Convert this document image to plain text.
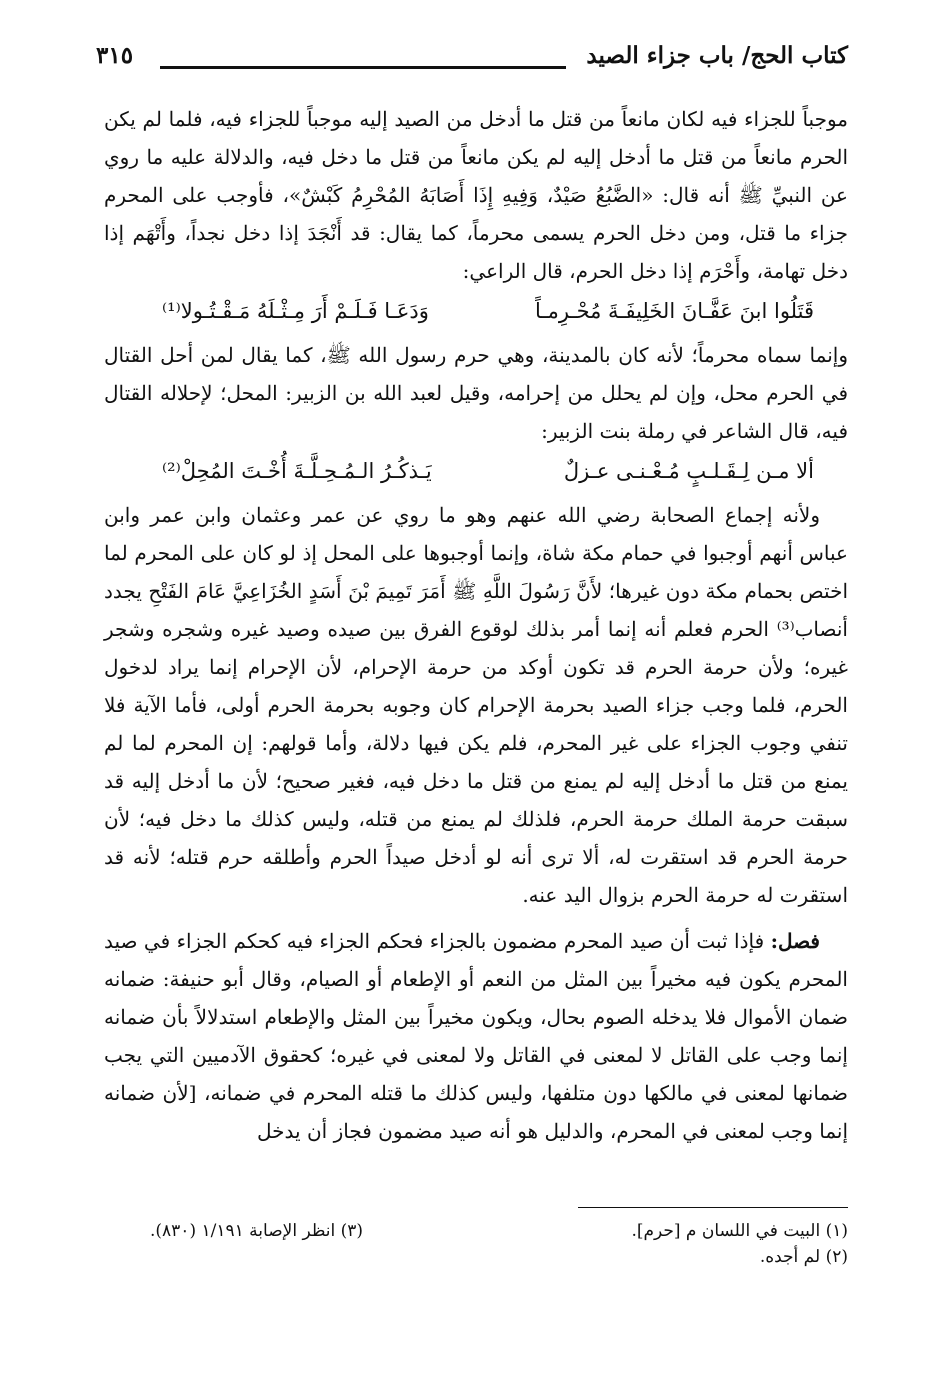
كتاب الحج/ باب جزاء الصيد
٣١٥

موجباً للجزاء فيه لكان مانعاً من قتل ما أدخل من الصيد إليه موجباً للجزاء فيه، فلما لم يكن الحرم مانعاً من قتل ما أدخل إليه لم يكن مانعاً من قتل ما دخل فيه، والدلالة عليه ما روي عن النبيِّ ﷺ أنه قال: «الضَّبُعُ صَيْدٌ، وَفِيهِ إِذَا أَصَابَهُ المُحْرِمُ كَبْشٌ»، فأوجب على المحرم جزاء ما قتل، ومن دخل الحرم يسمى محرماً، كما يقال: قد أَنْجَدَ إذا دخل نجداً، وأَتْهَم إذا دخل تهامة، وأَحْرَم إذا دخل الحرم، قال الراعي:

قَتَلُوا ابنَ عَفَّـانَ الخَلِيفَـةَ مُحْـرِمـاً
وَدَعَـا فَـلَـمْ أَرَ مِـثْـلَهُ مَـقْـتُـولا⁽¹⁾

وإنما سماه محرماً؛ لأنه كان بالمدينة، وهي حرم رسول الله ﷺ، كما يقال لمن أحل القتال في الحرم محل، وإن لم يحلل من إحرامه، وقيل لعبد الله بن الزبير: المحل؛ لإحلاله القتال فيه، قال الشاعر في رملة بنت الزبير:

ألا مـن لِـقَـلـبٍ مُـعْـنـى عـزلٌ
يَـذكُـرُ الـمُـحِـلَّـةَ أُخْـتَ المُحِلْ⁽²⁾

ولأنه إجماع الصحابة رضي الله عنهم وهو ما روي عن عمر وعثمان وابن عمر وابن عباس أنهم أوجبوا في حمام مكة شاة، وإنما أوجبوها على المحل إذ لو كان على المحرم لما اختص بحمام مكة دون غيرها؛ لأَنَّ رَسُولَ اللَّهِ ﷺ أَمَرَ تَمِيمَ بْنَ أَسَدٍ الخُزَاعِيَّ عَامَ الفَتْحِ يجدد أنصاب⁽³⁾ الحرم فعلم أنه إنما أمر بذلك لوقوع الفرق بين صيده وصيد غيره وشجره وشجر غيره؛ ولأن حرمة الحرم قد تكون أوكد من حرمة الإحرام، لأن الإحرام إنما يراد لدخول الحرم، فلما وجب جزاء الصيد بحرمة الإحرام كان وجوبه بحرمة الحرم أولى، فأما الآية فلا تنفي وجوب الجزاء على غير المحرم، فلم يكن فيها دلالة، وأما قولهم: إن المحرم لما لم يمنع من قتل ما أدخل إليه لم يمنع من قتل ما دخل فيه، فغير صحيح؛ لأن ما أدخل إليه قد سبقت حرمة الملك حرمة الحرم، فلذلك لم يمنع من قتله، وليس كذلك ما دخل فيه؛ لأن حرمة الحرم قد استقرت له، ألا ترى أنه لو أدخل صيداً الحرم وأطلقه حرم قتله؛ لأنه قد استقرت له حرمة الحرم بزوال اليد عنه.

فصل: فإذا ثبت أن صيد المحرم مضمون بالجزاء فحكم الجزاء فيه كحكم الجزاء في صيد المحرم يكون فيه مخيراً بين المثل من النعم أو الإطعام أو الصيام، وقال أبو حنيفة: ضمانه ضمان الأموال فلا يدخله الصوم بحال، ويكون مخيراً بين المثل والإطعام استدلالاً بأن ضمانه إنما وجب على القاتل لا لمعنى في القاتل ولا لمعنى في غيره؛ كحقوق الآدميين التي يجب ضمانها لمعنى في مالكها دون متلفها، وليس كذلك ما قتله المحرم في ضمانه، [لأن ضمانه إنما وجب لمعنى في المحرم، والدليل هو أنه صيد مضمون فجاز أن يدخل

(١) البيت في اللسان م [حرم].
(٣) انظر الإصابة ١/١٩١ (٨٣٠).
(٢) لم أجده.
